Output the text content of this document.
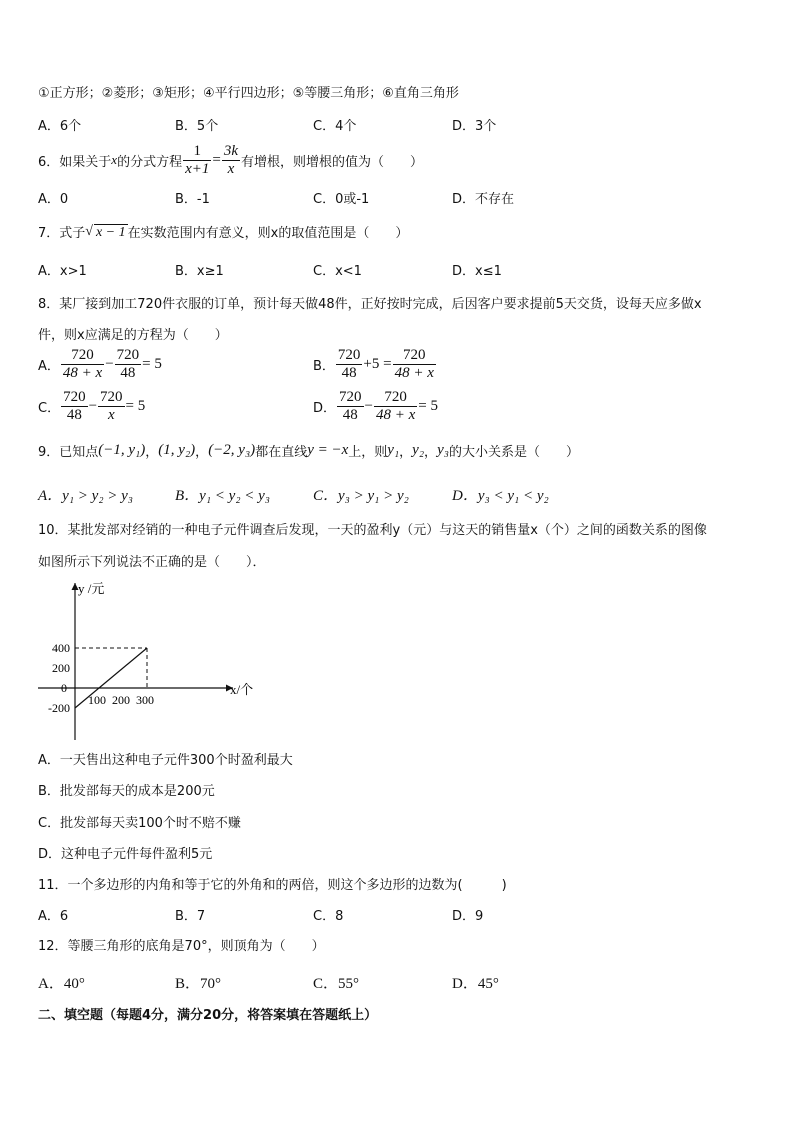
①正方形；②菱形；③矩形；④平行四边形；⑤等腰三角形；⑥直角三角形
A．6个	B．5个	C．4个	D．3个
6．如果关于 x 的分式方程 $\frac{1}{x+1} = \frac{3k}{x}$ 有增根，则增根的值为（　　）
A．0	B．-1	C．0或-1	D．不存在
7．式子 √ x − 1 在实数范围内有意义，则x的取值范围是（　　）
A．x>1	B．x≥1	C．x<1	D．x≤1
8．某厂接到加工720件衣服的订单，预计每天做48件，正好按时完成，后因客户要求提前5天交货，设每天应多做x
件，则x应满足的方程为（　　）
A． $\frac{720}{48 + x} - \frac{720}{48} = 5$	B． $\frac{720}{48} +5 = \frac{720}{48 + x}$
C． $\frac{720}{48} - \frac{720}{x} = 5$	D． $\frac{720}{48} - \frac{720}{48 + x} = 5$
9．已知点 (−1, y₁) ， (1, y₂) ， (−2, y₃) 都在直线 y = −x 上，则 y₁ ， y₂ ， y₃ 的大小关系是（　　）
A．y₁ > y₂ > y₃	B．y₁ < y₂ < y₃	C．y₃ > y₁ > y₂	D．y₃ < y₁ < y₂
10．某批发部对经销的一种电子元件调查后发现，一天的盈利y（元）与这天的销售量x（个）之间的函数关系的图像
如图所示下列说法不正确的是（　　）．
y /元
x/个
0
100 200 300
400
200
-200
A．一天售出这种电子元件300个时盈利最大
B．批发部每天的成本是200元
C．批发部每天卖100个时不赔不赚
D．这种电子元件每件盈利5元
11．一个多边形的内角和等于它的外角和的两倍，则这个多边形的边数为(　　　)
A．6	B．7	C．8	D．9
12．等腰三角形的底角是70°，则顶角为（　　）
A．40°	B．70°	C．55°	D．45°
二、填空题（每题4分，满分20分，将答案填在答题纸上）
